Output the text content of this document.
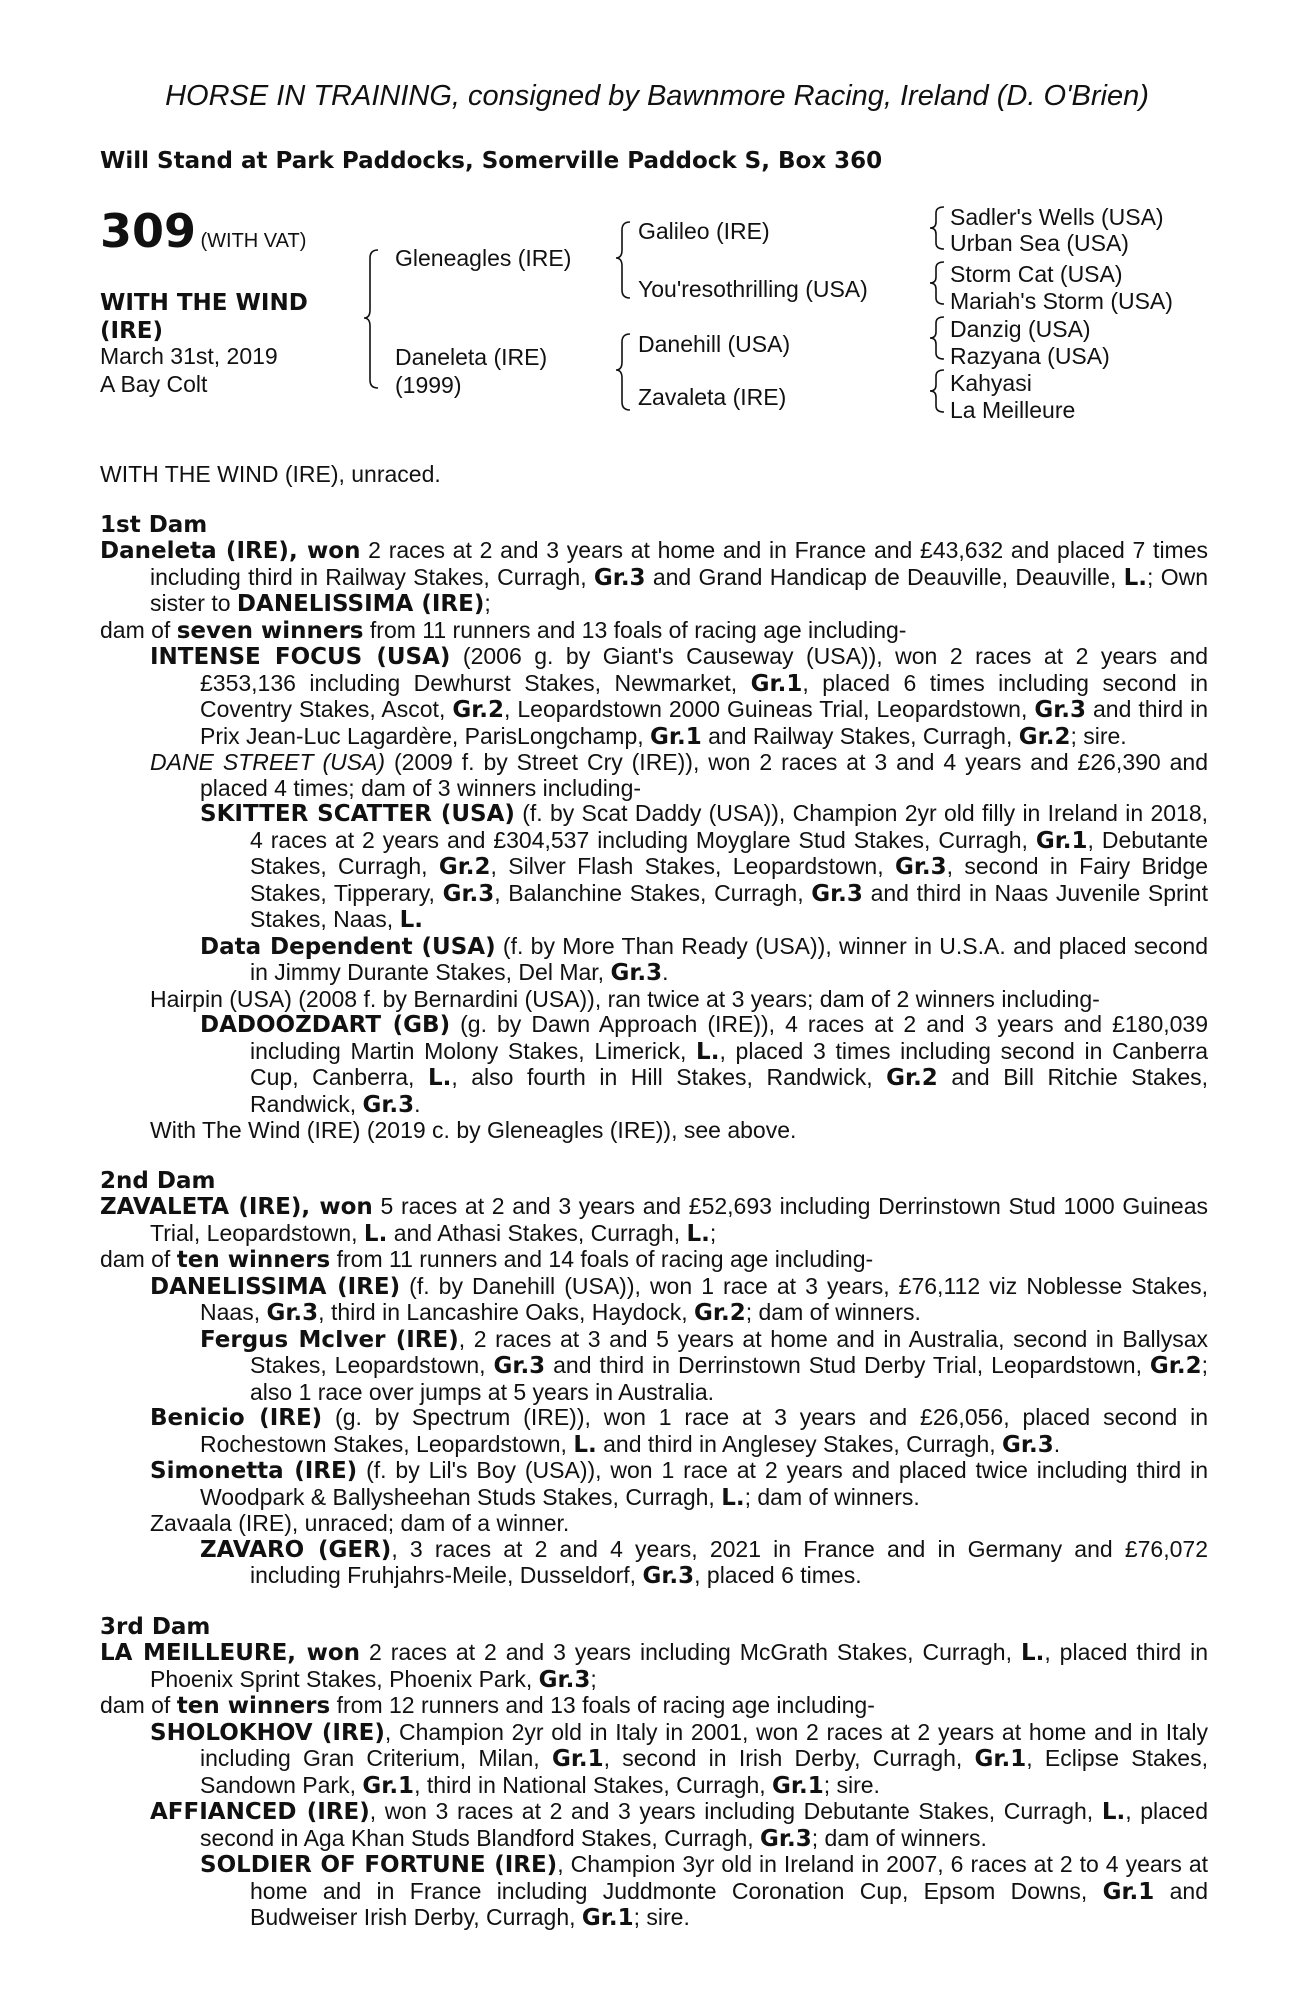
HORSE IN TRAINING, consigned by Bawnmore Racing, Ireland (D. O'Brien)
Will Stand at Park Paddocks, Somerville Paddock S, Box 360
309 (WITH VAT)
WITH THE WIND (IRE)
March 31st, 2019
A Bay Colt
Gleneagles (IRE)
Daneleta (IRE)
(1999)
Galileo (IRE)
You'resothrilling (USA)
Danehill (USA)
Zavaleta (IRE)
Sadler's Wells (USA)
Urban Sea (USA)
Storm Cat (USA)
Mariah's Storm (USA)
Danzig (USA)
Razyana (USA)
Kahyasi
La Meilleure

WITH THE WIND (IRE), unraced.

1st Dam

Daneleta (IRE), won 2 races at 2 and 3 years at home and in France and £43,632 and placed 7 times including third in Railway Stakes, Curragh, Gr.3 and Grand Handicap de Deauville, Deauville, L.; Own sister to DANELISSIMA (IRE);

dam of seven winners from 11 runners and 13 foals of racing age including-

INTENSE FOCUS (USA) (2006 g. by Giant's Causeway (USA)), won 2 races at 2 years and £353,136 including Dewhurst Stakes, Newmarket, Gr.1, placed 6 times including second in Coventry Stakes, Ascot, Gr.2, Leopardstown 2000 Guineas Trial, Leopardstown, Gr.3 and third in Prix Jean-Luc Lagardère, ParisLongchamp, Gr.1 and Railway Stakes, Curragh, Gr.2; sire.

DANE STREET (USA) (2009 f. by Street Cry (IRE)), won 2 races at 3 and 4 years and £26,390 and placed 4 times; dam of 3 winners including-

SKITTER SCATTER (USA) (f. by Scat Daddy (USA)), Champion 2yr old filly in Ireland in 2018, 4 races at 2 years and £304,537 including Moyglare Stud Stakes, Curragh, Gr.1, Debutante Stakes, Curragh, Gr.2, Silver Flash Stakes, Leopardstown, Gr.3, second in Fairy Bridge Stakes, Tipperary, Gr.3, Balanchine Stakes, Curragh, Gr.3 and third in Naas Juvenile Sprint Stakes, Naas, L.

Data Dependent (USA) (f. by More Than Ready (USA)), winner in U.S.A. and placed second in Jimmy Durante Stakes, Del Mar, Gr.3.

Hairpin (USA) (2008 f. by Bernardini (USA)), ran twice at 3 years; dam of 2 winners including-

DADOOZDART (GB) (g. by Dawn Approach (IRE)), 4 races at 2 and 3 years and £180,039 including Martin Molony Stakes, Limerick, L., placed 3 times including second in Canberra Cup, Canberra, L., also fourth in Hill Stakes, Randwick, Gr.2 and Bill Ritchie Stakes, Randwick, Gr.3.

With The Wind (IRE) (2019 c. by Gleneagles (IRE)), see above.

2nd Dam

ZAVALETA (IRE), won 5 races at 2 and 3 years and £52,693 including Derrinstown Stud 1000 Guineas Trial, Leopardstown, L. and Athasi Stakes, Curragh, L.;

dam of ten winners from 11 runners and 14 foals of racing age including-

DANELISSIMA (IRE) (f. by Danehill (USA)), won 1 race at 3 years, £76,112 viz Noblesse Stakes, Naas, Gr.3, third in Lancashire Oaks, Haydock, Gr.2; dam of winners.

Fergus McIver (IRE), 2 races at 3 and 5 years at home and in Australia, second in Ballysax Stakes, Leopardstown, Gr.3 and third in Derrinstown Stud Derby Trial, Leopardstown, Gr.2; also 1 race over jumps at 5 years in Australia.

Benicio (IRE) (g. by Spectrum (IRE)), won 1 race at 3 years and £26,056, placed second in Rochestown Stakes, Leopardstown, L. and third in Anglesey Stakes, Curragh, Gr.3.

Simonetta (IRE) (f. by Lil's Boy (USA)), won 1 race at 2 years and placed twice including third in Woodpark & Ballysheehan Studs Stakes, Curragh, L.; dam of winners.

Zavaala (IRE), unraced; dam of a winner.

ZAVARO (GER), 3 races at 2 and 4 years, 2021 in France and in Germany and £76,072 including Fruhjahrs-Meile, Dusseldorf, Gr.3, placed 6 times.

3rd Dam

LA MEILLEURE, won 2 races at 2 and 3 years including McGrath Stakes, Curragh, L., placed third in Phoenix Sprint Stakes, Phoenix Park, Gr.3;

dam of ten winners from 12 runners and 13 foals of racing age including-

SHOLOKHOV (IRE), Champion 2yr old in Italy in 2001, won 2 races at 2 years at home and in Italy including Gran Criterium, Milan, Gr.1, second in Irish Derby, Curragh, Gr.1, Eclipse Stakes, Sandown Park, Gr.1, third in National Stakes, Curragh, Gr.1; sire.

AFFIANCED (IRE), won 3 races at 2 and 3 years including Debutante Stakes, Curragh, L., placed second in Aga Khan Studs Blandford Stakes, Curragh, Gr.3; dam of winners.

SOLDIER OF FORTUNE (IRE), Champion 3yr old in Ireland in 2007, 6 races at 2 to 4 years at home and in France including Juddmonte Coronation Cup, Epsom Downs, Gr.1 and Budweiser Irish Derby, Curragh, Gr.1; sire.
